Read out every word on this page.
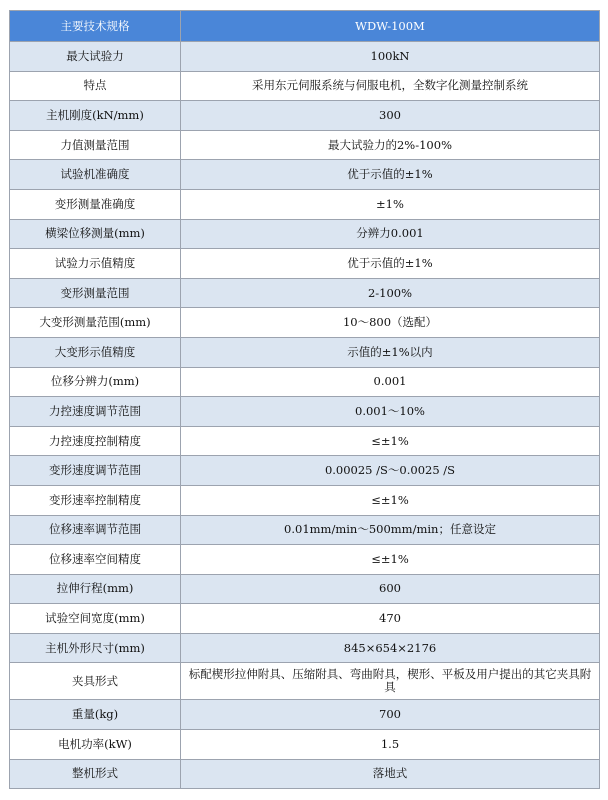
主要技术规格	WDW-100M
最大试验力	100kN
特点	采用东元伺服系统与伺服电机，全数字化测量控制系统
主机刚度(kN/mm)	300
力值测量范围	最大试验力的2%-100%
试验机准确度	优于示值的±1%
变形测量准确度	±1%
横梁位移测量(mm)	分辨力0.001
试验力示值精度	优于示值的±1%
变形测量范围	2-100%
大变形测量范围(mm)	10～800（选配）
大变形示值精度	示值的±1%以内
位移分辨力(mm)	0.001
力控速度调节范围	0.001～10%
力控速度控制精度	≤±1%
变形速度调节范围	0.00025 /S～0.0025 /S
变形速率控制精度	≤±1%
位移速率调节范围	0.01mm/min～500mm/min；任意设定
位移速率空间精度	≤±1%
拉伸行程(mm)	600
试验空间宽度(mm)	470
主机外形尺寸(mm)	845×654×2176
夹具形式	标配楔形拉伸附具、压缩附具、弯曲附具，楔形、平板及用户提出的其它夹具附具
重量(kg)	700
电机功率(kW)	1.5
整机形式	落地式
